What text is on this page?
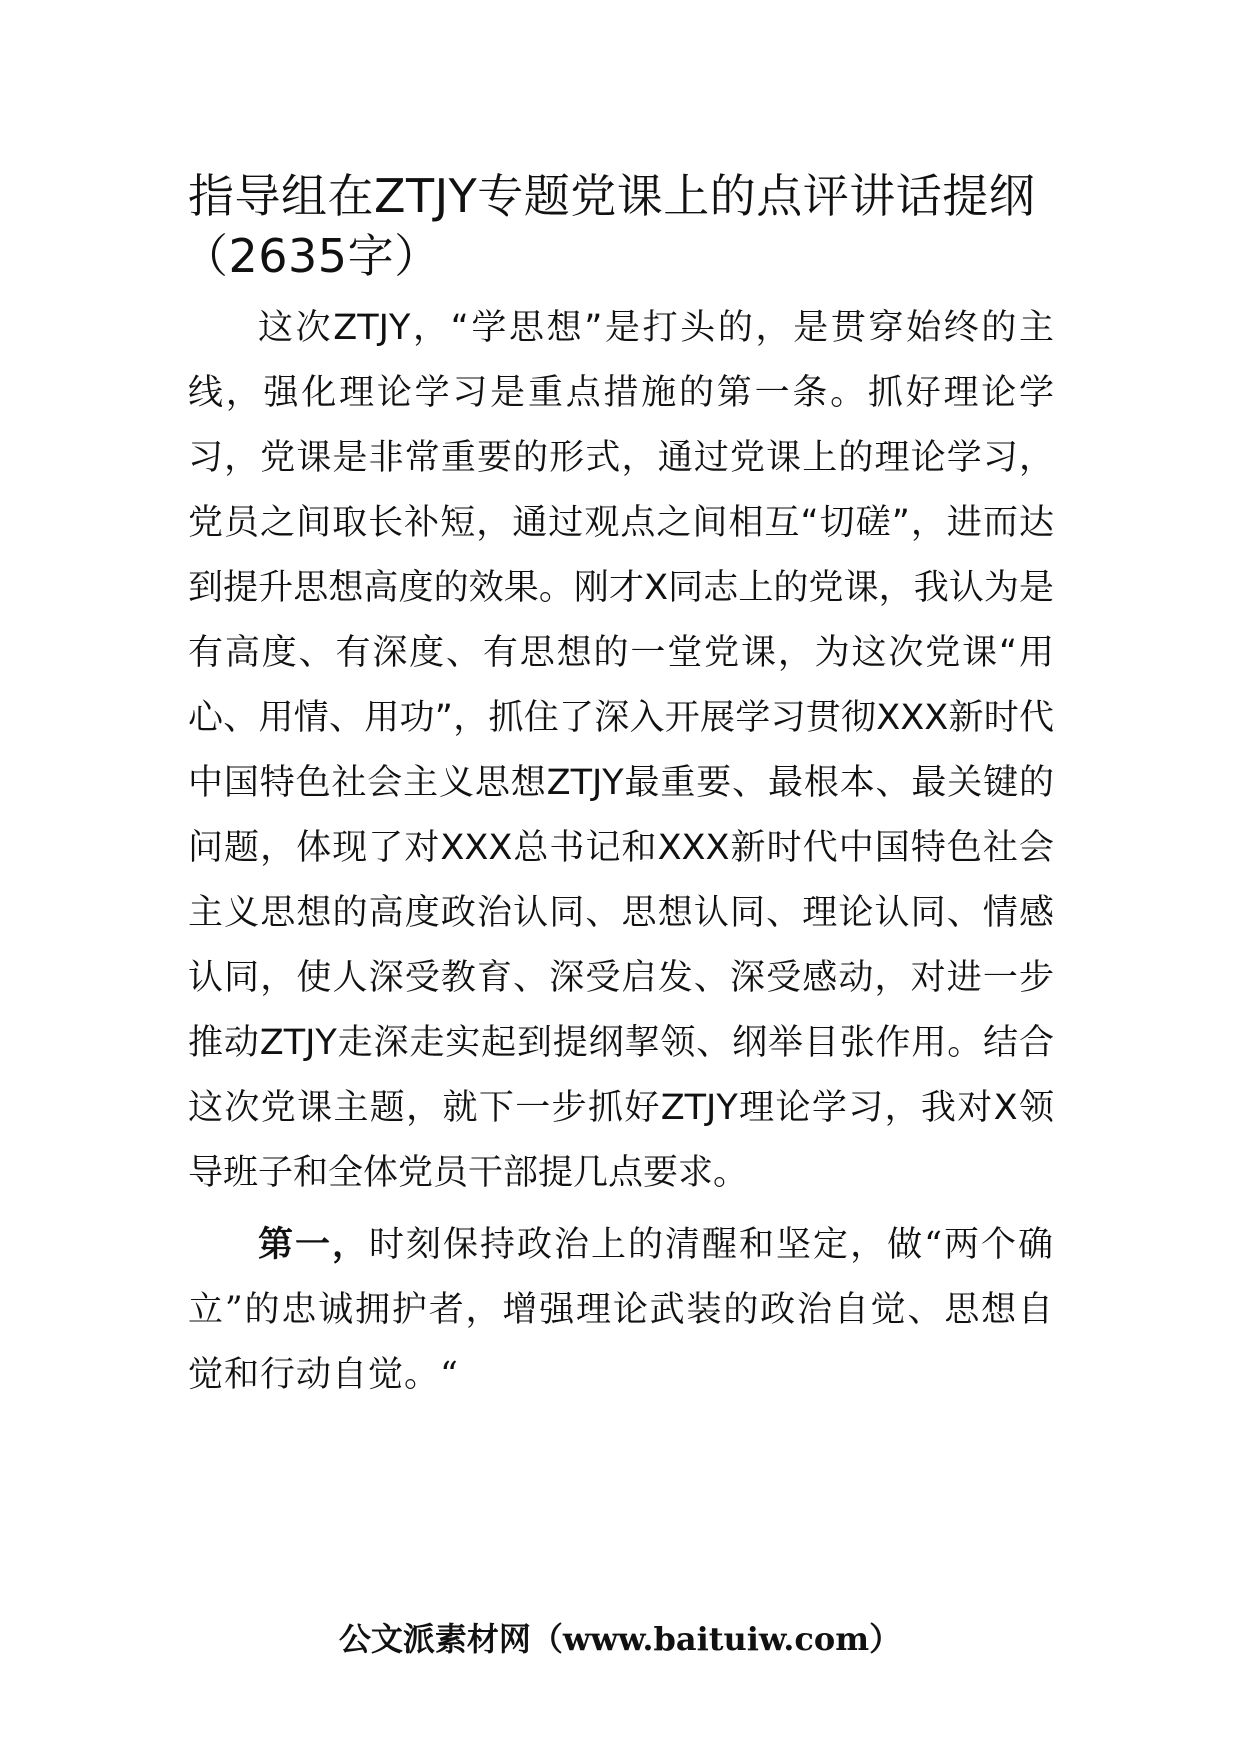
指导组在ZTJY专题党课上的点评讲话提纲
（2635字）

这次ZTJY，“学思想”是打头的，是贯穿始终的主线，强化理论学习是重点措施的第一条。抓好理论学习，党课是非常重要的形式，通过党课上的理论学习，党员之间取长补短，通过观点之间相互“切磋”，进而达到提升思想高度的效果。刚才X同志上的党课，我认为是有高度、有深度、有思想的一堂党课，为这次党课“用心、用情、用功”，抓住了深入开展学习贯彻XXX新时代中国特色社会主义思想ZTJY最重要、最根本、最关键的问题，体现了对XXX总书记和XXX新时代中国特色社会主义思想的高度政治认同、思想认同、理论认同、情感认同，使人深受教育、深受启发、深受感动，对进一步推动ZTJY走深走实起到提纲挈领、纲举目张作用。结合这次党课主题，就下一步抓好ZTJY理论学习，我对X领导班子和全体党员干部提几点要求。

第一，时刻保持政治上的清醒和坚定，做“两个确立”的忠诚拥护者，增强理论武装的政治自觉、思想自觉和行动自觉。“

公文派素材网（www.baituiw.com）
